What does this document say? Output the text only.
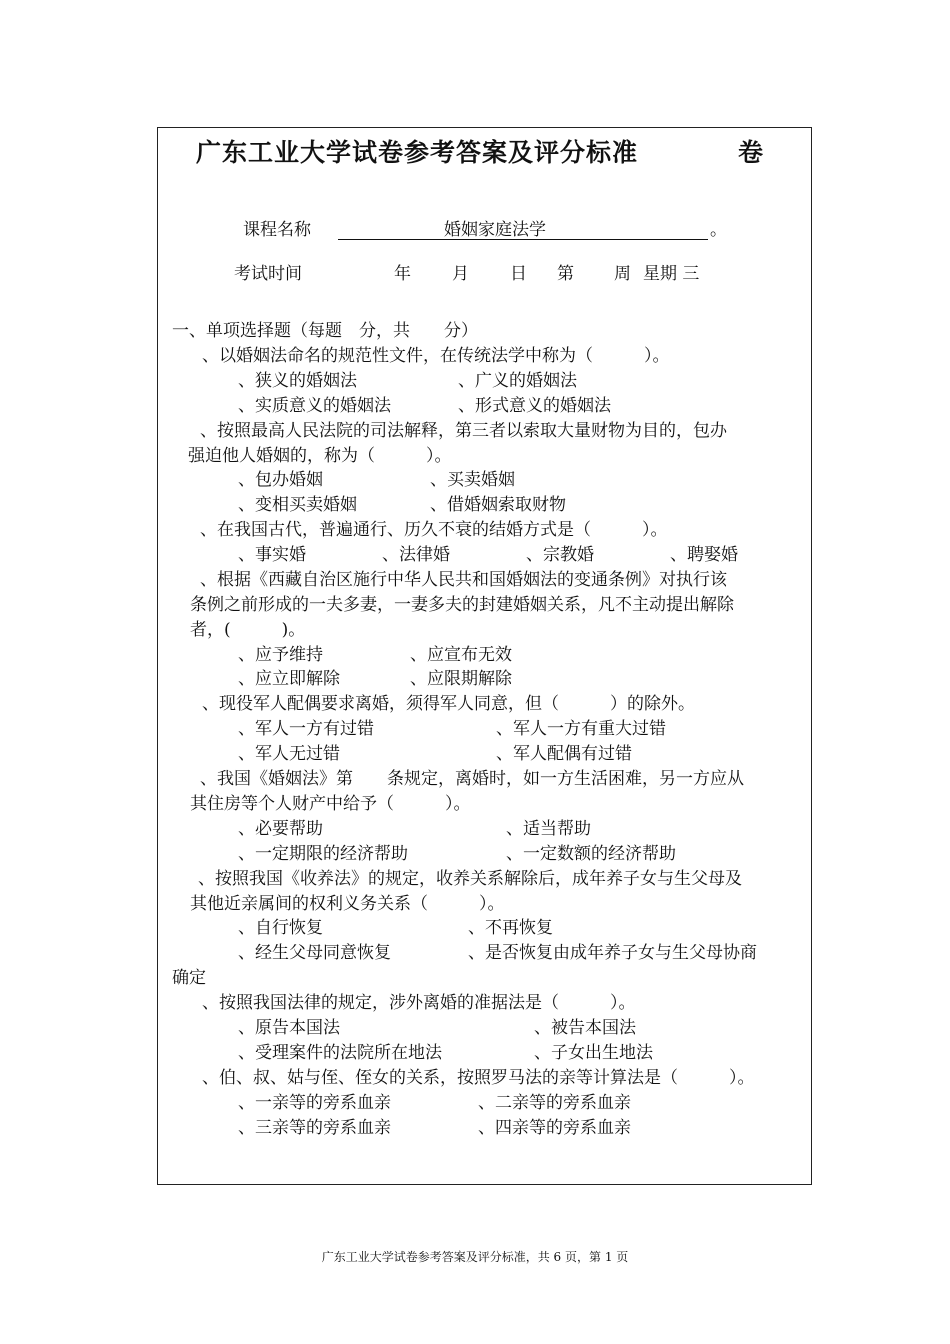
广东工业大学试卷参考答案及评分标准	卷
课程名称	婚姻家庭法学	。
考试时间	年 月 日 第 周 星期 三
一、单项选择题（每题　分，共　　分）
、以婚姻法命名的规范性文件，在传统法学中称为（　　　）。
、狭义的婚姻法	、广义的婚姻法
、实质意义的婚姻法	、形式意义的婚姻法
、按照最高人民法院的司法解释，第三者以索取大量财物为目的，包办
强迫他人婚姻的，称为（　　　）。
、包办婚姻	、买卖婚姻
、变相买卖婚姻	、借婚姻索取财物
、在我国古代，普遍通行、历久不衰的结婚方式是（　　　）。
、事实婚	、法律婚	、宗教婚	、聘娶婚
、根据《西藏自治区施行中华人民共和国婚姻法的变通条例》对执行该
条例之前形成的一夫多妻，一妻多夫的封建婚姻关系，凡不主动提出解除
者，(　　　)。
、应予维持	、应宣布无效
、应立即解除	、应限期解除
、现役军人配偶要求离婚，须得军人同意，但（　　　）的除外。
、军人一方有过错	、军人一方有重大过错
、军人无过错	、军人配偶有过错
、我国《婚姻法》第　　条规定，离婚时，如一方生活困难，另一方应从
其住房等个人财产中给予（　　　）。
、必要帮助	、适当帮助
、一定期限的经济帮助	、一定数额的经济帮助
、按照我国《收养法》的规定，收养关系解除后，成年养子女与生父母及
其他近亲属间的权利义务关系（　　　）。
、自行恢复	、不再恢复
、经生父母同意恢复	、是否恢复由成年养子女与生父母协商
确定
、按照我国法律的规定，涉外离婚的准据法是（　　　）。
、原告本国法	、被告本国法
、受理案件的法院所在地法	、子女出生地法
、伯、叔、姑与侄、侄女的关系，按照罗马法的亲等计算法是（　　　）。
、一亲等的旁系血亲	、二亲等的旁系血亲
、三亲等的旁系血亲	、四亲等的旁系血亲
广东工业大学试卷参考答案及评分标准，共 6 页，第 1 页
